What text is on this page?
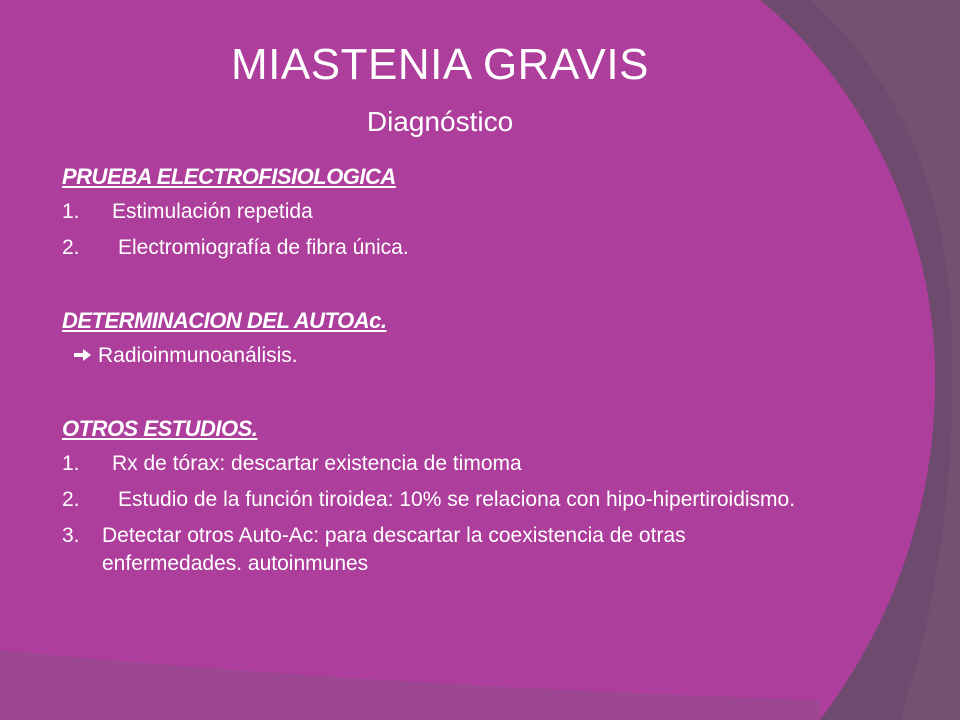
MIASTENIA GRAVIS
Diagnóstico
PRUEBA ELECTROFISIOLOGICA
1. Estimulación repetida
2. Electromiografía de fibra única.
DETERMINACION DEL AUTOAc.
Radioinmunoanálisis.
OTROS ESTUDIOS.
1. Rx de tórax: descartar existencia de timoma
2. Estudio de la función tiroidea: 10% se relaciona con hipo-hipertiroidismo.
3.	Detectar otros Auto-Ac: para descartar la coexistencia de otras enfermedades. autoinmunes
